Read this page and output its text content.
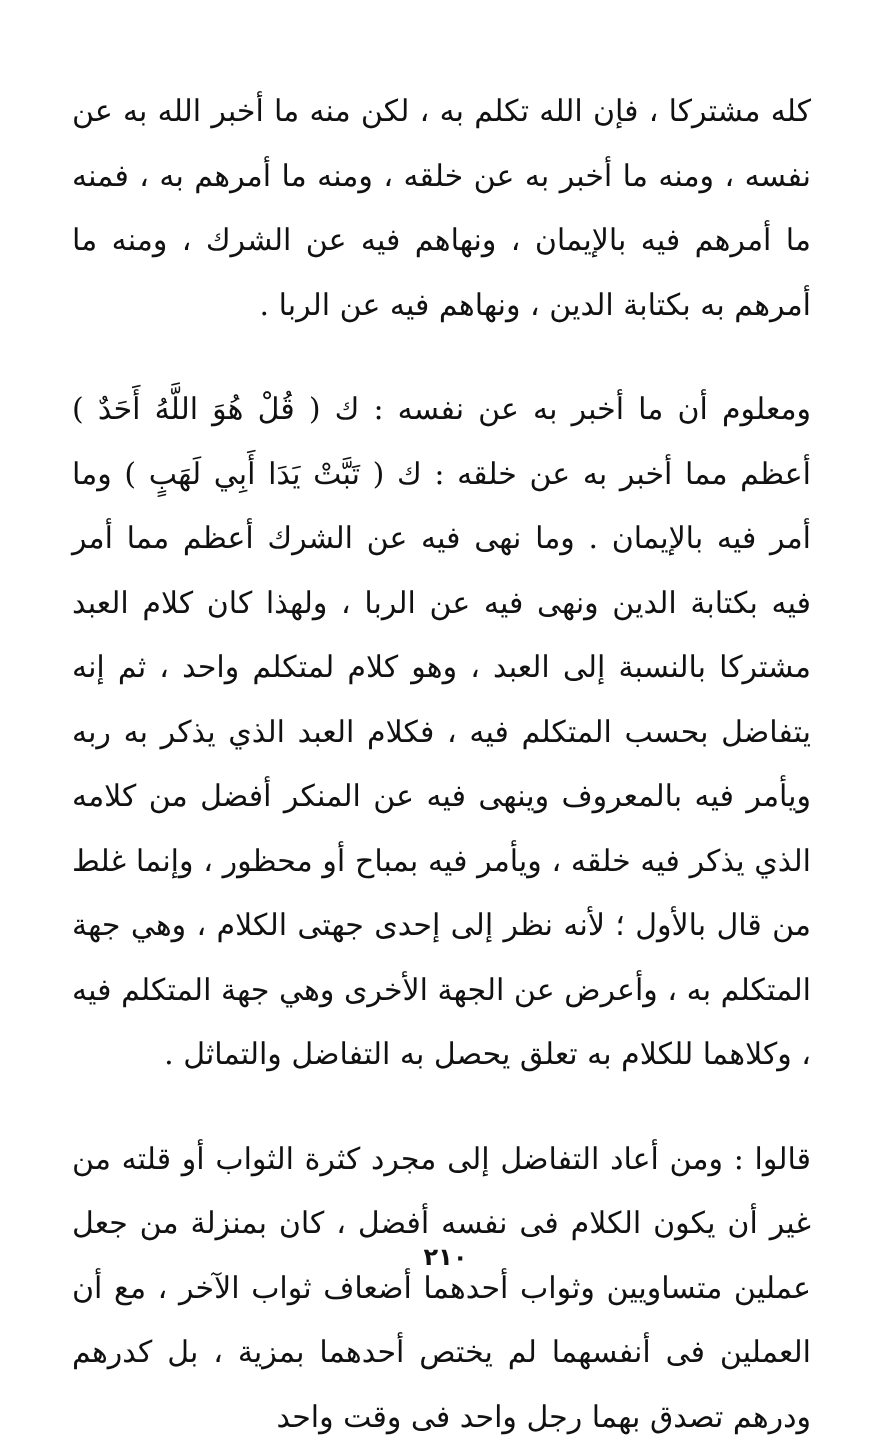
كله مشتركا ، فإن الله تكلم به ، لكن منه ما أخبر الله به عن نفسه ، ومنه ما أخبر به عن خلقه ، ومنه ما أمرهم به ، فمنه ما أمرهم فيه بالإيمان ، ونهاهم فيه عن الشرك ، ومنه ما أمرهم به بكتابة الدين ، ونهاهم فيه عن الربا .

ومعلوم أن ما أخبر به عن نفسه : ك ( قُلْ هُوَ اللَّهُ أَحَدٌ ) أعظم مما أخبر به عن خلقه : ك ( تَبَّتْ يَدَا أَبِي لَهَبٍ ) وما أمر فيه بالإيمان . وما نهى فيه عن الشرك أعظم مما أمر فيه بكتابة الدين ونهى فيه عن الربا ، ولهذا كان كلام العبد مشتركا بالنسبة إلى العبد ، وهو كلام لمتكلم واحد ، ثم إنه يتفاضل بحسب المتكلم فيه ، فكلام العبد الذي يذكر به ربه ويأمر فيه بالمعروف وينهى فيه عن المنكر أفضل من كلامه الذي يذكر فيه خلقه ، ويأمر فيه بمباح أو محظور ، وإنما غلط من قال بالأول ؛ لأنه نظر إلى إحدى جهتى الكلام ، وهي جهة المتكلم به ، وأعرض عن الجهة الأخرى وهي جهة المتكلم فيه ، وكلاهما للكلام به تعلق يحصل به التفاضل والتماثل .

قالوا : ومن أعاد التفاضل إلى مجرد كثرة الثواب أو قلته من غير أن يكون الكلام فى نفسه أفضل ، كان بمنزلة من جعل عملين متساويين وثواب أحدهما أضعاف ثواب الآخر ، مع أن العملين فى أنفسهما لم يختص أحدهما بمزية ، بل كدرهم ودرهم تصدق بهما رجل واحد فى وقت واحد

٢١٠
